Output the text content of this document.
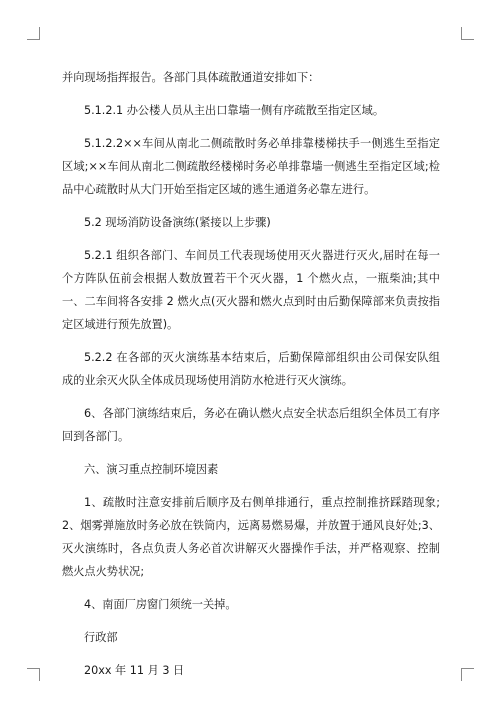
并向现场指挥报告。各部门具体疏散通道安排如下：

5.1.2.1 办公楼人员从主出口靠墙一侧有序疏散至指定区域。

5.1.2.2××车间从南北二侧疏散时务必单排靠楼梯扶手一侧逃生至指定区域;××车间从南北二侧疏散经楼梯时务必单排靠墙一侧逃生至指定区域;检品中心疏散时从大门开始至指定区域的逃生通道务必靠左进行。

5.2 现场消防设备演练(紧接以上步骤)

5.2.1 组织各部门、车间员工代表现场使用灭火器进行灭火,届时在每一个方阵队伍前会根据人数放置若干个灭火器，1 个燃火点，一瓶柴油;其中一、二车间将各安排 2 燃火点(灭火器和燃火点到时由后勤保障部来负责按指定区域进行预先放置)。

5.2.2 在各部的灭火演练基本结束后，后勤保障部组织由公司保安队组成的业余灭火队全体成员现场使用消防水枪进行灭火演练。

6、各部门演练结束后，务必在确认燃火点安全状态后组织全体员工有序回到各部门。

六、演习重点控制环境因素

1、疏散时注意安排前后顺序及右侧单排通行，重点控制推挤踩踏现象;2、烟雾弹施放时务必放在铁筒内，远离易燃易爆，并放置于通风良好处;3、灭火演练时，各点负责人务必首次讲解灭火器操作手法，并严格观察、控制燃火点火势状况;

4、南面厂房窗门须统一关掉。

行政部

20xx 年 11 月 3 日
